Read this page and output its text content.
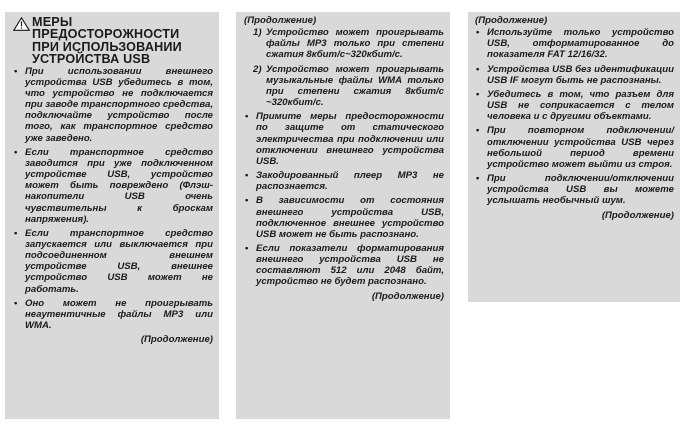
МЕРЫ
ПРЕДОСТОРОЖНОСТИ
ПРИ ИСПОЛЬЗОВАНИИ
УСТРОЙСТВА USB
• При использовании внешнего устройства USB убедитесь в том, что устройство не подключается при заводе транспортного средства, подключайте устройство после того, как транспортное средство уже заведено.
• Если транспортное средство заводится при уже подключенном устройстве USB, устройство может быть повреждено (Флэш-накопители USB очень чувствительны к броскам напряжения).
• Если транспортное средство запускается или выключается при подсоединенном внешнем устройстве USB, внешнее устройство USB может не работать.
• Оно может не проигрывать неаутентичные файлы MP3 или WMA.
(Продолжение)
(Продолжение)
1) Устройство может проигрывать файлы MP3 только при степени сжатия 8кбит/с~320кбит/с.
2) Устройство может проигрывать музыкальные файлы WMA только при степени сжатия 8кбит/с ~320кбит/с.
• Примите меры предосторожности по защите от статического электричества при подключении или отключении внешнего устройства USB.
• Закодированный плеер MP3 не распознается.
• В зависимости от состояния внешнего устройства USB, подключенное внешнее устройство USB может не быть распознано.
• Если показатели форматирования внешнего устройства USB не составляют 512 или 2048 байт, устройство не будет распознано.
(Продолжение)
(Продолжение)
• Используйте только устройство USB, отформатированное до показателя FAT 12/16/32.
• Устройства USB без идентификации USB IF могут быть не распознаны.
• Убедитесь в том, что разъем для USB не соприкасается с телом человека и с другими объектами.
• При повторном подключении/отключении устройства USB через небольшой период времени устройство может выйти из строя.
• При подключении/отключении устройства USB вы можете услышать необычный шум.
(Продолжение)
